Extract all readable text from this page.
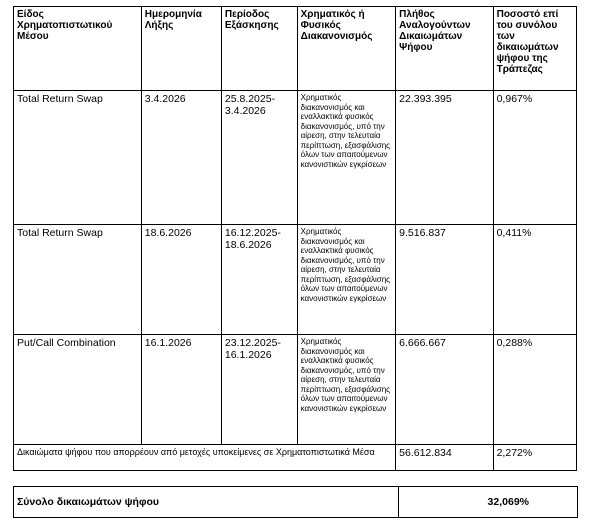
Είδος Χρηματοπιστωτικού Μέσου	Ημερομηνία Λήξης	Περίοδος Εξάσκησης	Χρηματικός ή Φυσικός Διακανονισμός	Πλήθος Αναλογούντων Δικαιωμάτων Ψήφου	Ποσοστό επί του συνόλου των δικαιωμάτων ψήφου της Τράπεζας
Total Return Swap	3.4.2026	25.8.2025-3.4.2026	Χρηματικός διακανονισμός και εναλλακτικά φυσικός διακανονισμός, υπό την αίρεση, στην τελευταία περίπτωση, εξασφάλισης όλων των απαιτούμενων κανονιστικών εγκρίσεων	22.393.395	0,967%
Total Return Swap	18.6.2026	16.12.2025-18.6.2026	Χρηματικός διακανονισμός και εναλλακτικά φυσικός διακανονισμός, υπό την αίρεση, στην τελευταία περίπτωση, εξασφάλισης όλων των απαιτούμενων κανονιστικών εγκρίσεων	9.516.837	0,411%
Put/Call Combination	16.1.2026	23.12.2025-16.1.2026	Χρηματικός διακανονισμός και εναλλακτικά φυσικός διακανονισμός, υπό την αίρεση, στην τελευταία περίπτωση, εξασφάλισης όλων των απαιτούμενων κανονιστικών εγκρίσεων	6.666.667	0,288%
Δικαιώματα ψήφου που απορρέουν από μετοχές υποκείμενες σε Χρηματοπιστωτικά Μέσα				56.612.834	2,272%
Σύνολο δικαιωμάτων ψήφου	32,069%
